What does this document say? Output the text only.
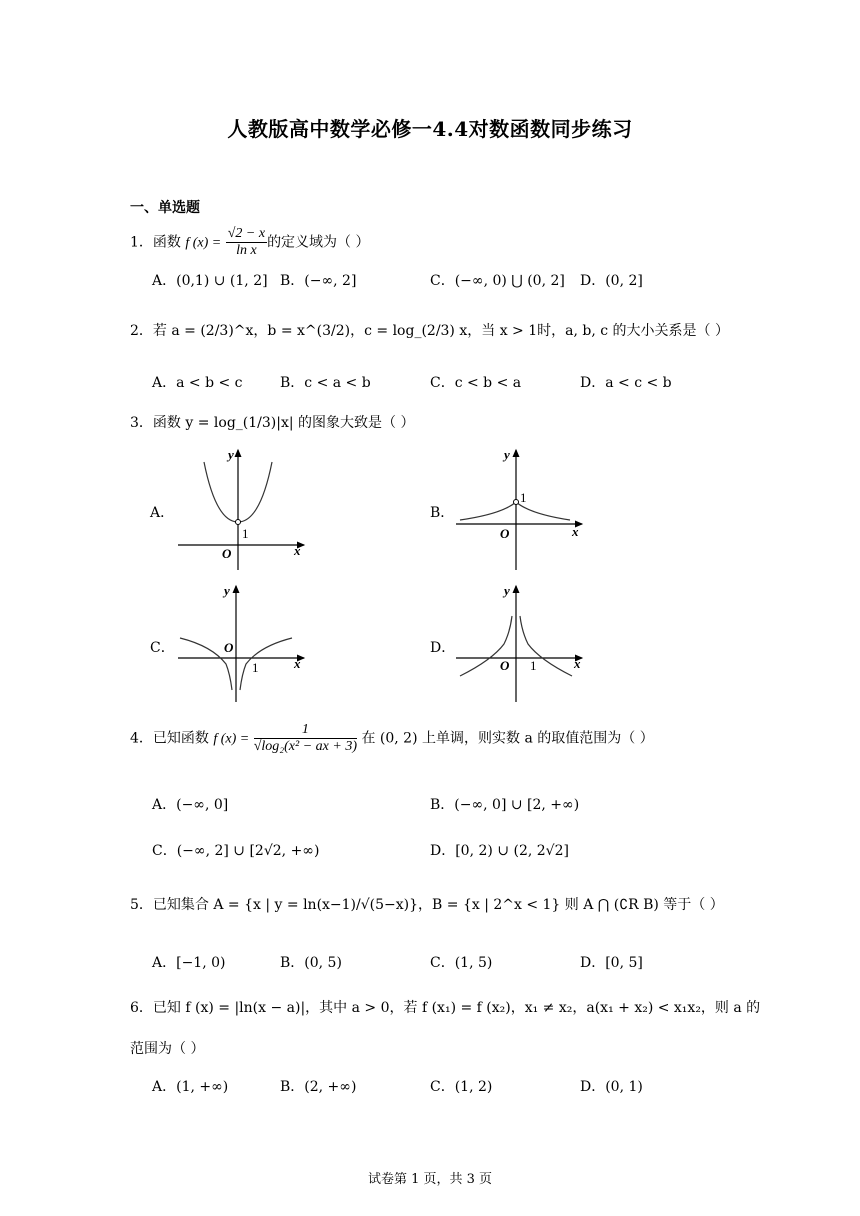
人教版高中数学必修一4.4对数函数同步练习
一、单选题
1．函数 f $(x) = \frac{√2 - x}{\text{ln x}}$ 的定义域为（ ）
A．(0,1) ∪ (1, 2] B．(−∞, 2]	C．(−∞, 0) ⋃ (0, 2] D．(0, 2]
2．若 a = (2/3)^x，b = x^(3/2)，c = log_(2/3) x，当 x > 1时，a, b, c 的大小关系是（ ）
A．a < b < c	B．c < a < b	C．c < b < a	D．a < c < b
3．函数 y = log_(1/3)|x| 的图象大致是（ ）
A．	B．
C．	D．
y
x
O
1
y
x
O
1
y
x
O
1
y
x
O 1
4．已知函数 f $(x) = \frac{1}{\text{√log₂(x² − ax + 3)}}$ 在 (0, 2) 上单调，则实数 a 的取值范围为（ ）
A．(−∞, 0]	B．(−∞, 0] ∪ [2, +∞)
C．(−∞, 2] ∪ [2√2, +∞)	D．[0, 2) ∪ (2, 2√2]
5．已知集合 A = {x | y = ln(x−1)/√(5−x)}，B = {x | 2^x < 1} 则 A ⋂ (∁R B) 等于（ ）
A．[−1, 0)	B．(0, 5)	C．(1, 5)	D．[0, 5]
6．已知 f (x) = |ln(x − a)|，其中 a > 0，若 f (x₁) = f (x₂)，x₁ ≠ x₂，a(x₁ + x₂) < x₁x₂，则 a 的
范围为（ ）
A．(1, +∞)	B．(2, +∞)	C．(1, 2)	D．(0, 1)
试卷第 1 页，共 3 页
